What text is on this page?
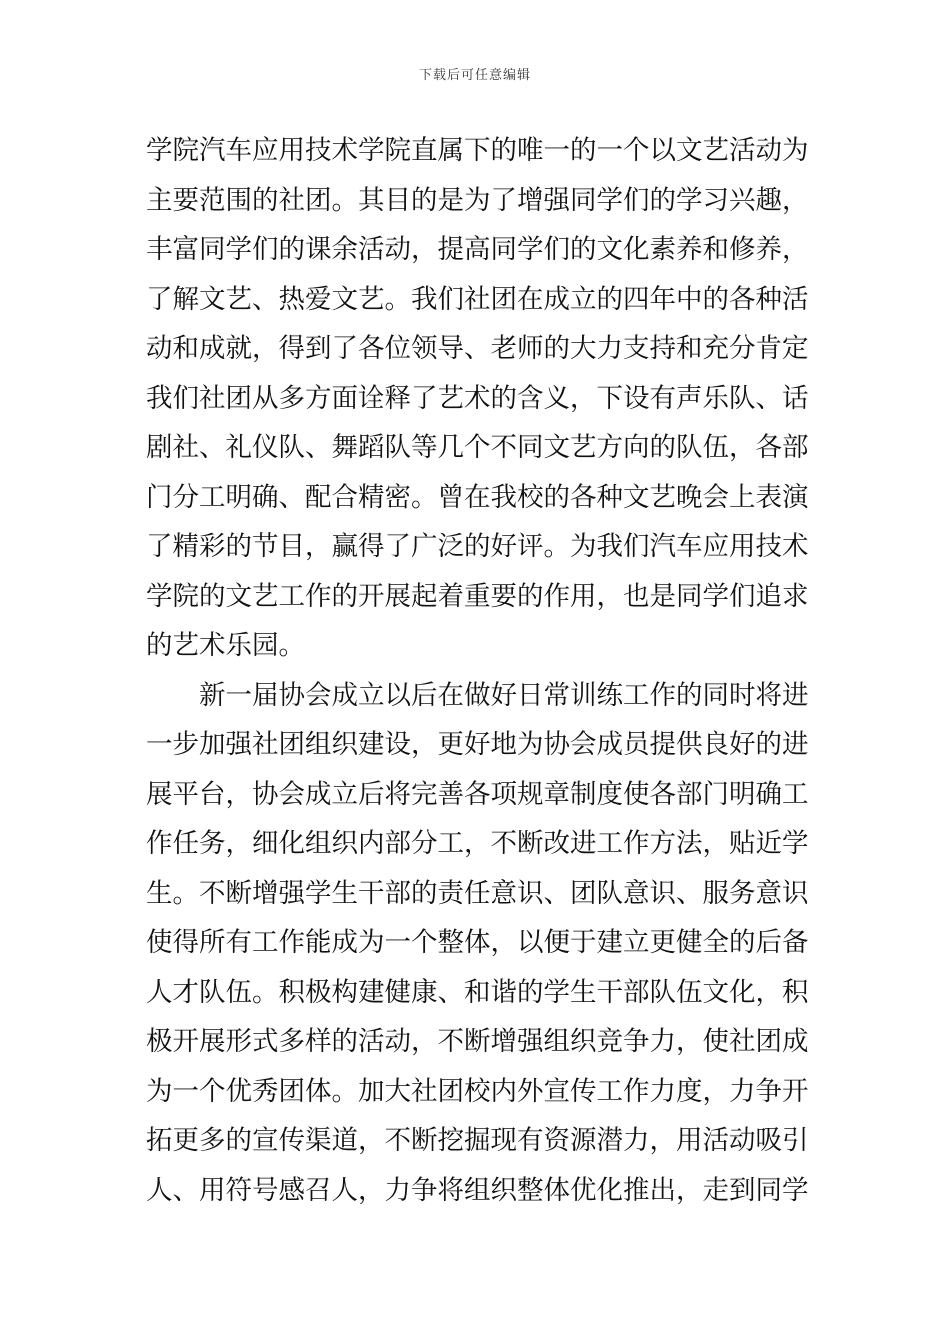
下载后可任意编辑
学院汽车应用技术学院直属下的唯一的一个以文艺活动为
主要范围的社团。其目的是为了增强同学们的学习兴趣，
丰富同学们的课余活动，提高同学们的文化素养和修养，
了解文艺、热爱文艺。我们社团在成立的四年中的各种活
动和成就，得到了各位领导、老师的大力支持和充分肯定
我们社团从多方面诠释了艺术的含义，下设有声乐队、话
剧社、礼仪队、舞蹈队等几个不同文艺方向的队伍，各部
门分工明确、配合精密。曾在我校的各种文艺晚会上表演
了精彩的节目，赢得了广泛的好评。为我们汽车应用技术
学院的文艺工作的开展起着重要的作用，也是同学们追求
的艺术乐园。
新一届协会成立以后在做好日常训练工作的同时将进
一步加强社团组织建设，更好地为协会成员提供良好的进
展平台，协会成立后将完善各项规章制度使各部门明确工
作任务，细化组织内部分工，不断改进工作方法，贴近学
生。不断增强学生干部的责任意识、团队意识、服务意识
使得所有工作能成为一个整体，以便于建立更健全的后备
人才队伍。积极构建健康、和谐的学生干部队伍文化，积
极开展形式多样的活动，不断增强组织竞争力，使社团成
为一个优秀团体。加大社团校内外宣传工作力度，力争开
拓更多的宣传渠道，不断挖掘现有资源潜力，用活动吸引
人、用符号感召人，力争将组织整体优化推出，走到同学
